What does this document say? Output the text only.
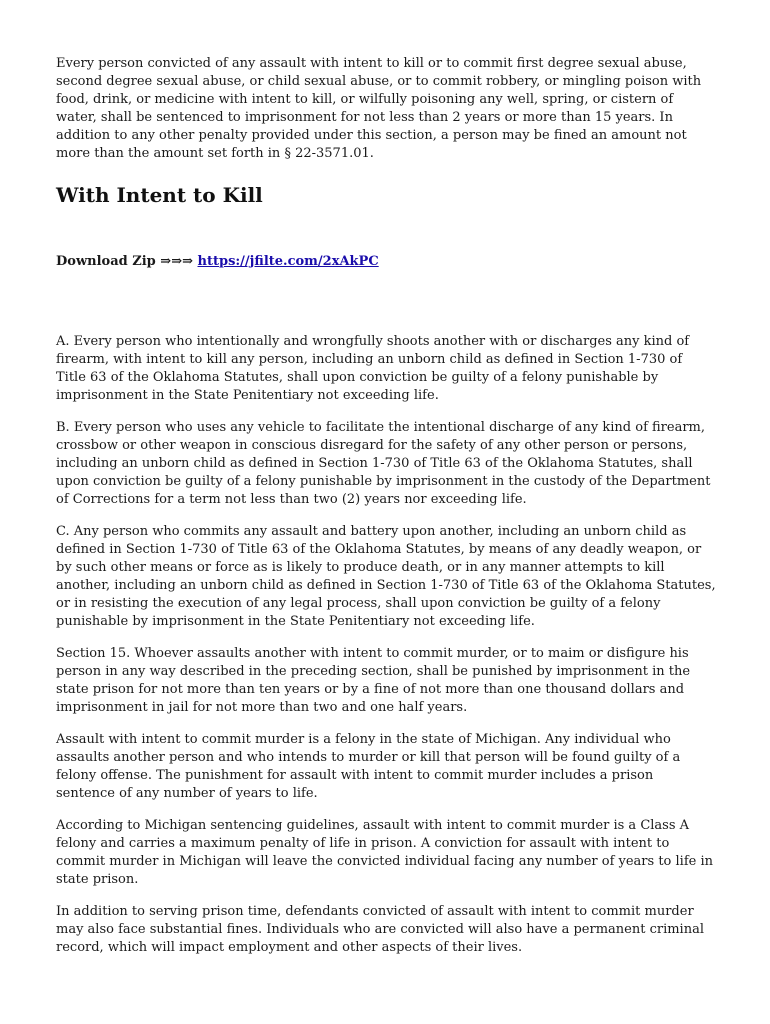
Every person convicted of any assault with intent to kill or to commit first degree sexual abuse, second degree sexual abuse, or child sexual abuse, or to commit robbery, or mingling poison with food, drink, or medicine with intent to kill, or wilfully poisoning any well, spring, or cistern of water, shall be sentenced to imprisonment for not less than 2 years or more than 15 years. In addition to any other penalty provided under this section, a person may be fined an amount not more than the amount set forth in § 22-3571.01.

With Intent to Kill
Download Zip ⇒⇒⇒ https://jfilte.com/2xAkPC

A. Every person who intentionally and wrongfully shoots another with or discharges any kind of firearm, with intent to kill any person, including an unborn child as defined in Section 1-730 of Title 63 of the Oklahoma Statutes, shall upon conviction be guilty of a felony punishable by imprisonment in the State Penitentiary not exceeding life.

B. Every person who uses any vehicle to facilitate the intentional discharge of any kind of firearm, crossbow or other weapon in conscious disregard for the safety of any other person or persons, including an unborn child as defined in Section 1-730 of Title 63 of the Oklahoma Statutes, shall upon conviction be guilty of a felony punishable by imprisonment in the custody of the Department of Corrections for a term not less than two (2) years nor exceeding life.

C. Any person who commits any assault and battery upon another, including an unborn child as defined in Section 1-730 of Title 63 of the Oklahoma Statutes, by means of any deadly weapon, or by such other means or force as is likely to produce death, or in any manner attempts to kill another, including an unborn child as defined in Section 1-730 of Title 63 of the Oklahoma Statutes, or in resisting the execution of any legal process, shall upon conviction be guilty of a felony punishable by imprisonment in the State Penitentiary not exceeding life.

Section 15. Whoever assaults another with intent to commit murder, or to maim or disfigure his person in any way described in the preceding section, shall be punished by imprisonment in the state prison for not more than ten years or by a fine of not more than one thousand dollars and imprisonment in jail for not more than two and one half years.

Assault with intent to commit murder is a felony in the state of Michigan. Any individual who assaults another person and who intends to murder or kill that person will be found guilty of a felony offense. The punishment for assault with intent to commit murder includes a prison sentence of any number of years to life.

According to Michigan sentencing guidelines, assault with intent to commit murder is a Class A felony and carries a maximum penalty of life in prison. A conviction for assault with intent to commit murder in Michigan will leave the convicted individual facing any number of years to life in state prison.

In addition to serving prison time, defendants convicted of assault with intent to commit murder may also face substantial fines. Individuals who are convicted will also have a permanent criminal record, which will impact employment and other aspects of their lives.
